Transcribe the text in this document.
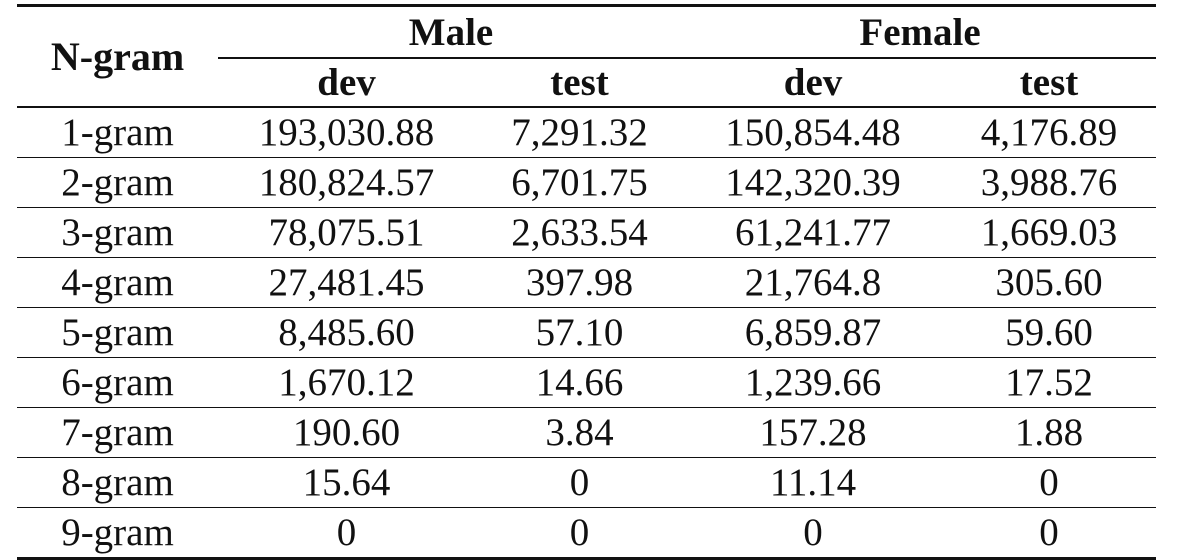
N-gram	Male		Female	
	dev	test	dev	test
1-gram	193,030.88	7,291.32	150,854.48	4,176.89
2-gram	180,824.57	6,701.75	142,320.39	3,988.76
3-gram	78,075.51	2,633.54	61,241.77	1,669.03
4-gram	27,481.45	397.98	21,764.8	305.60
5-gram	8,485.60	57.10	6,859.87	59.60
6-gram	1,670.12	14.66	1,239.66	17.52
7-gram	190.60	3.84	157.28	1.88
8-gram	15.64	0	11.14	0
9-gram	0	0	0	0
